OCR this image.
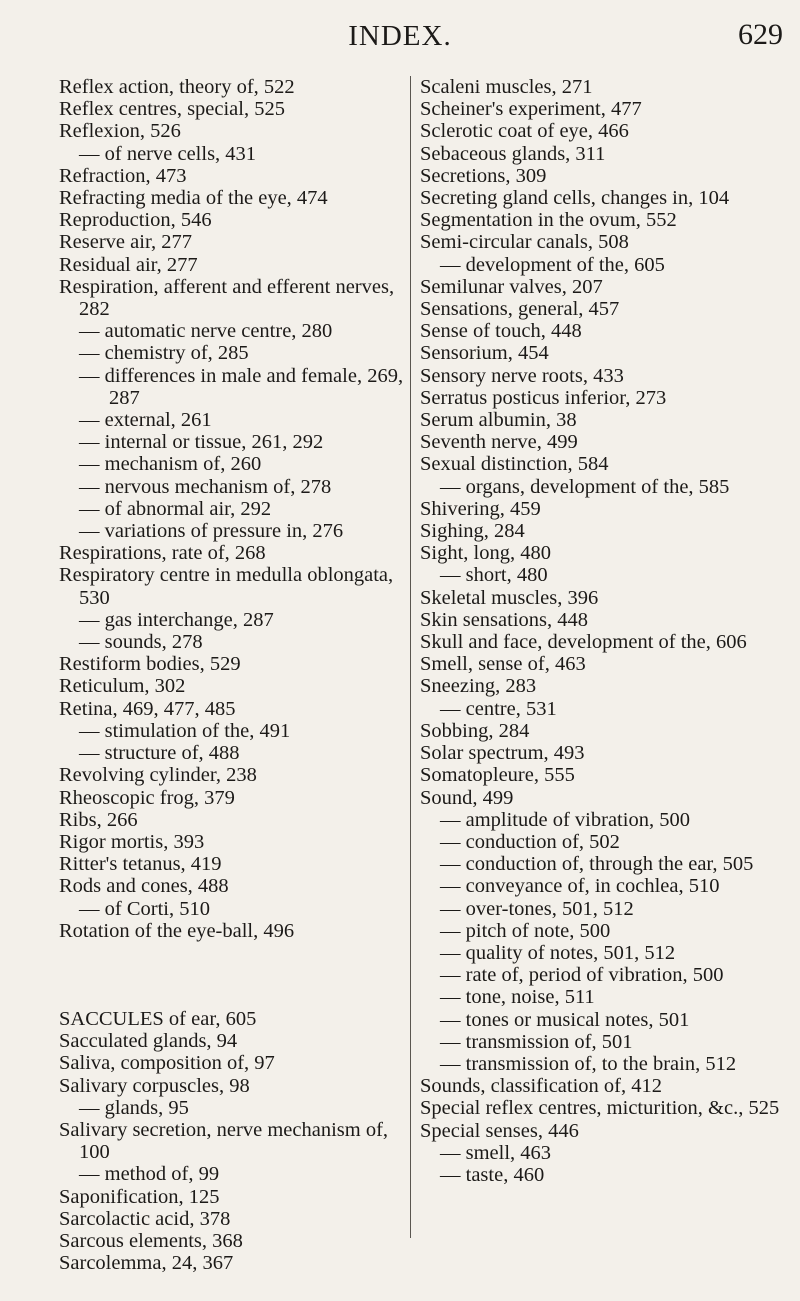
INDEX.	629
Reflex action, theory of, 522
Reflex centres, special, 525
Reflexion, 526
— of nerve cells, 431
Refraction, 473
Refracting media of the eye, 474
Reproduction, 546
Reserve air, 277
Residual air, 277
Respiration, afferent and efferent nerves, 282
— automatic nerve centre, 280
— chemistry of, 285
— differences in male and female, 269, 287
— external, 261
— internal or tissue, 261, 292
— mechanism of, 260
— nervous mechanism of, 278
— of abnormal air, 292
— variations of pressure in, 276
Respirations, rate of, 268
Respiratory centre in medulla oblongata, 530
— gas interchange, 287
— sounds, 278
Restiform bodies, 529
Reticulum, 302
Retina, 469, 477, 485
— stimulation of the, 491
— structure of, 488
Revolving cylinder, 238
Rheoscopic frog, 379
Ribs, 266
Rigor mortis, 393
Ritter's tetanus, 419
Rods and cones, 488
— of Corti, 510
Rotation of the eye-ball, 496
SACCULES of ear, 605
Sacculated glands, 94
Saliva, composition of, 97
Salivary corpuscles, 98
— glands, 95
Salivary secretion, nerve mechanism of, 100
— method of, 99
Saponification, 125
Sarcolactic acid, 378
Sarcous elements, 368
Sarcolemma, 24, 367
Scaleni muscles, 271
Scheiner's experiment, 477
Sclerotic coat of eye, 466
Sebaceous glands, 311
Secretions, 309
Secreting gland cells, changes in, 104
Segmentation in the ovum, 552
Semi-circular canals, 508
— development of the, 605
Semilunar valves, 207
Sensations, general, 457
Sense of touch, 448
Sensorium, 454
Sensory nerve roots, 433
Serratus posticus inferior, 273
Serum albumin, 38
Seventh nerve, 499
Sexual distinction, 584
— organs, development of the, 585
Shivering, 459
Sighing, 284
Sight, long, 480
— short, 480
Skeletal muscles, 396
Skin sensations, 448
Skull and face, development of the, 606
Smell, sense of, 463
Sneezing, 283
— centre, 531
Sobbing, 284
Solar spectrum, 493
Somatopleure, 555
Sound, 499
— amplitude of vibration, 500
— conduction of, 502
— conduction of, through the ear, 505
— conveyance of, in cochlea, 510
— over-tones, 501, 512
— pitch of note, 500
— quality of notes, 501, 512
— rate of, period of vibration, 500
— tone, noise, 511
— tones or musical notes, 501
— transmission of, 501
— transmission of, to the brain, 512
Sounds, classification of, 412
Special reflex centres, micturition, &c., 525
Special senses, 446
— smell, 463
— taste, 460
